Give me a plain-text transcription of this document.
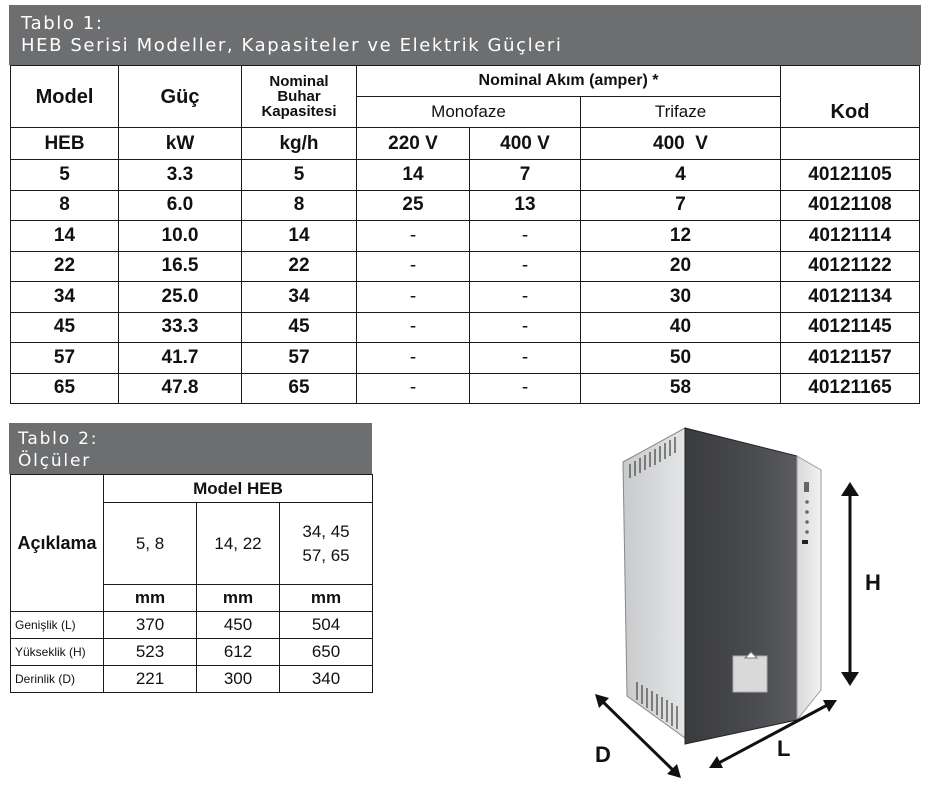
Tablo 1:
HEB Serisi Modeller, Kapasiteler ve Elektrik Güçleri
Model	Güç	Nominal
Buhar
Kapasitesi	Nominal Akım (amper) *			Kod
			Monofaze		Trifaze	
HEB	kW	kg/h	220 V	400 V	400  V	
5	3.3	5	14	7	4	40121105
8	6.0	8	25	13	7	40121108
14	10.0	14	-	-	12	40121114
22	16.5	22	-	-	20	40121122
34	25.0	34	-	-	30	40121134
45	33.3	45	-	-	40	40121145
57	41.7	57	-	-	50	40121157
65	47.8	65	-	-	58	40121165
Tablo 2:
Ölçüler
Açıklama	Model HEB		
	5, 8	14, 22	34, 45
57, 65

	mm	mm	mm
Genişlik (L)	370	450	504
Yükseklik (H)	523	612	650
Derinlik (D)	221	300	340
H
D	L
